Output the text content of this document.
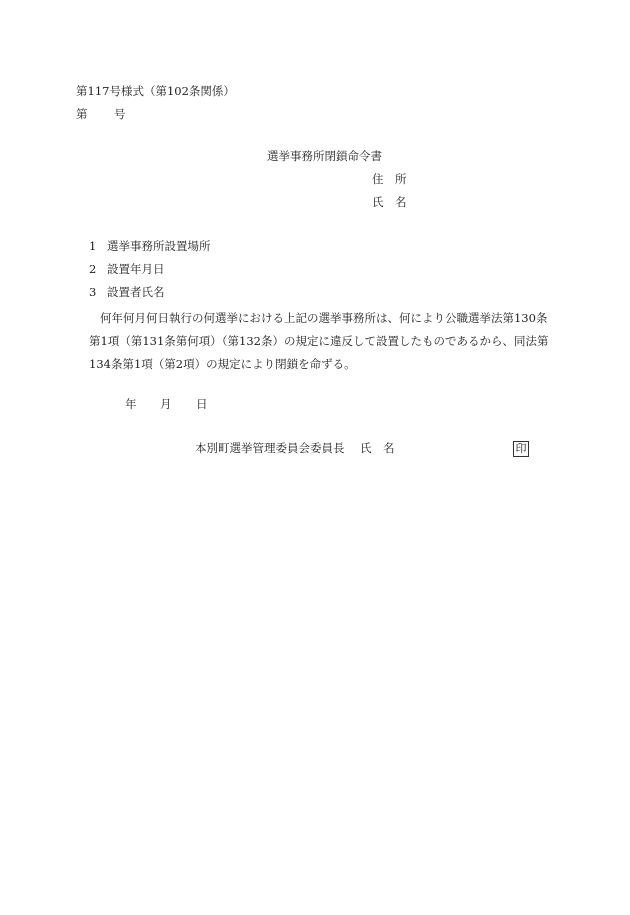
第117号様式（第102条関係）
第 号
選挙事務所閉鎖命令書
住　所
氏　名
1 選挙事務所設置場所
2 設置年月日
3 設置者氏名
何年何月何日執行の何選挙における上記の選挙事務所は、何により公職選挙法第130条第1項（第131条第何項）（第132条）の規定に違反して設置したものであるから、同法第134条第1項（第2項）の規定により閉鎖を命ずる。
年 月 日
本別町選挙管理委員会委員長 氏　名	印
